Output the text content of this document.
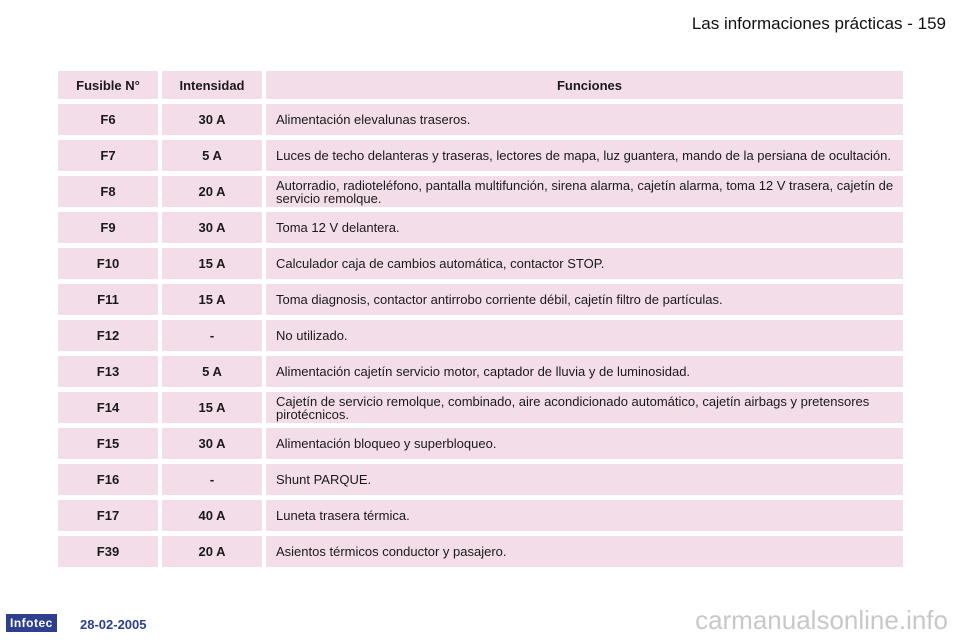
Las informaciones prácticas - 159
Fusible N°		Intensidad		Funciones
F6		30 A		Alimentación elevalunas traseros.
F7		5 A		Luces de techo delanteras y traseras, lectores de mapa, luz guantera, mando de la persiana de ocultación.
F8		20 A		Autorradio, radioteléfono, pantalla multifunción, sirena alarma, cajetín alarma, toma 12 V trasera, cajetín de servicio remolque.
F9		30 A		Toma 12 V delantera.
F10		15 A		Calculador caja de cambios automática, contactor STOP.
F11		15 A		Toma diagnosis, contactor antirrobo corriente débil, cajetín filtro de partículas.
F12		-		No utilizado.
F13		5 A		Alimentación cajetín servicio motor, captador de lluvia y de luminosidad.
F14		15 A		Cajetín de servicio remolque, combinado, aire acondicionado automático, cajetín airbags y pretensores pirotécnicos.
F15		30 A		Alimentación bloqueo y superbloqueo.
F16		-		Shunt PARQUE.
F17		40 A		Luneta trasera térmica.
F39		20 A		Asientos térmicos conductor y pasajero.
Infotec	28-02-2005	carmanualsonline.info
